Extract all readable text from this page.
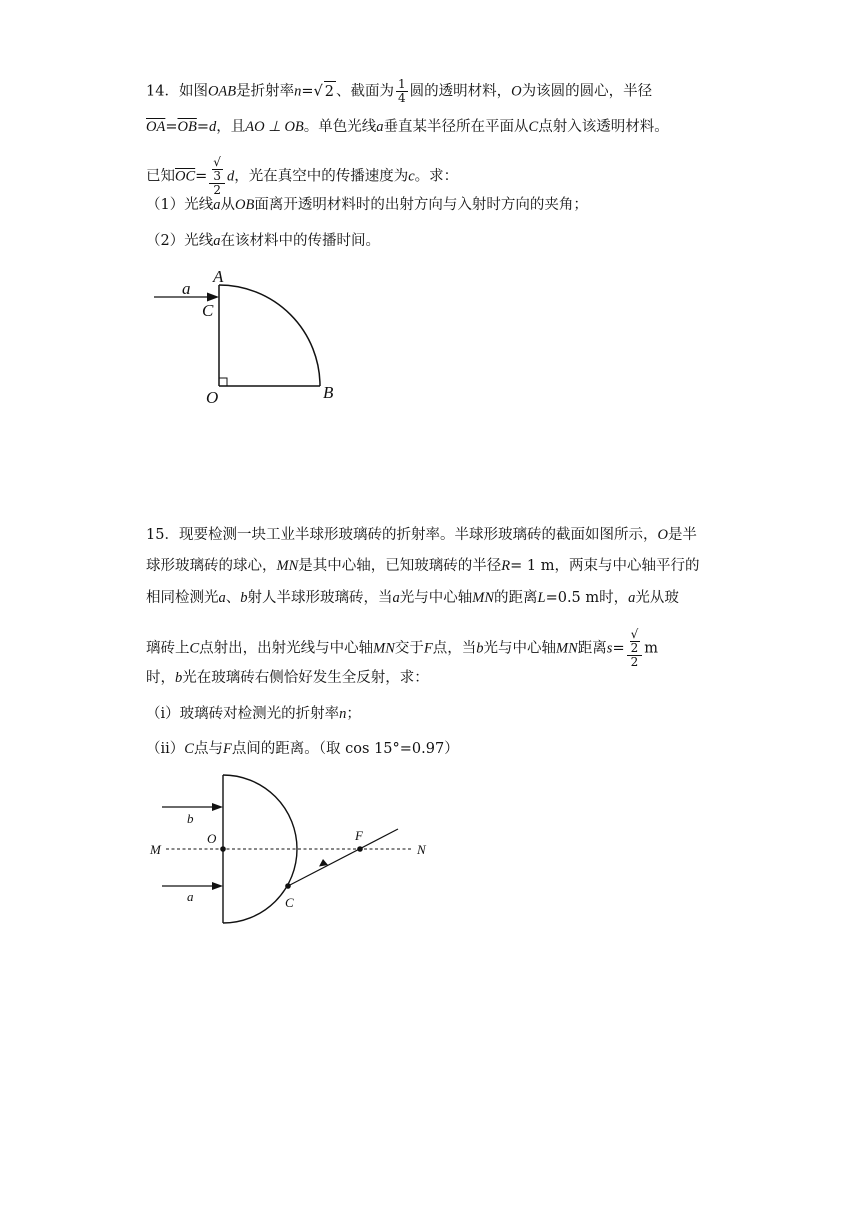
14．如图OAB是折射率n=√ 2 、截面为 $\frac{1}{4}$ 圆的透明材料，O为该圆的圆心，半径
$\overline{OA}=\overline{OB}=d$，且AO ⊥ OB。单色光线a垂直某半径所在平面从C点射入该透明材料。
已知$\overline{OC}=$ √
3
2 d，光在真空中的传播速度为c。求：
（1）光线a从OB面离开透明材料时的出射方向与入射时方向的夹角；
（2）光线a在该材料中的传播时间。
a
A
C
O	B
15．现要检测一块工业半球形玻璃砖的折射率。半球形玻璃砖的截面如图所示，O是半
球形玻璃砖的球心，MN是其中心轴，已知玻璃砖的半径R= 1 m，两束与中心轴平行的
相同检测光a、b射人半球形玻璃砖，当a光与中心轴MN的距离L=0.5 m时，a光从玻
璃砖上C点射出，出射光线与中心轴MN交于F点，当b光与中心轴MN距离s= √
2
2 m
时，b光在玻璃砖右侧恰好发生全反射，求：
（i）玻璃砖对检测光的折射率n；
（ii）C点与F点间的距离。（取 cos 15°=0.97）
b
O	F
M	N
a	C
